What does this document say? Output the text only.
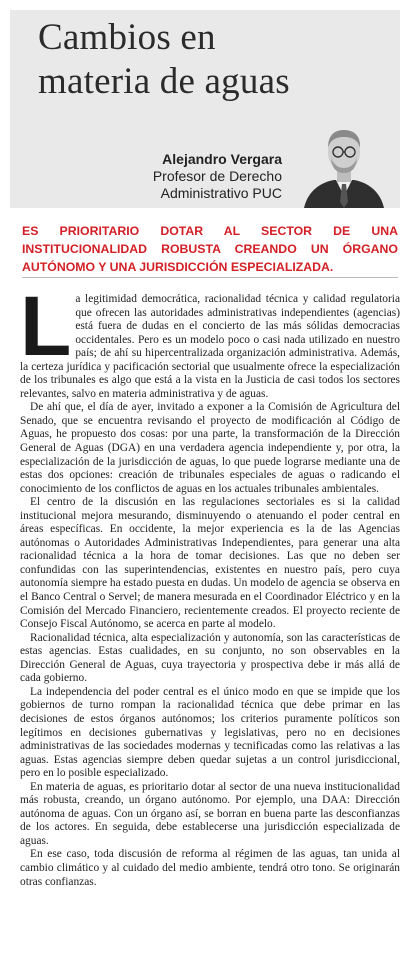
Cambios en
materia de aguas
Alejandro Vergara
Profesor de Derecho
Administrativo PUC
ES PRIORITARIO DOTAR AL SECTOR DE UNA INSTITUCIONALIDAD ROBUSTA CREANDO UN ÓRGANO AUTÓNOMO Y UNA JURISDICCIÓN ESPECIALIZADA.

La legitimidad democrática, racionalidad técnica y calidad regulatoria que ofrecen las autoridades administrativas independientes (agencias) está fuera de dudas en el concierto de las más sólidas democracias occidentales. Pero es un modelo poco o casi nada utilizado en nuestro país; de ahí su hipercentralizada organización administrativa. Además, la certeza jurídica y pacificación sectorial que usualmente ofrece la especialización de los tribunales es algo que está a la vista en la Justicia de casi todos los sectores relevantes, salvo en materia administrativa y de aguas.

De ahí que, el día de ayer, invitado a exponer a la Comisión de Agricultura del Senado, que se encuentra revisando el proyecto de modificación al Código de Aguas, he propuesto dos cosas: por una parte, la transformación de la Dirección General de Aguas (DGA) en una verdadera agencia independiente y, por otra, la especialización de la jurisdicción de aguas, lo que puede lograrse mediante una de estas dos opciones: creación de tribunales especiales de aguas o radicando el conocimiento de los conflictos de aguas en los actuales tribunales ambientales.

El centro de la discusión en las regulaciones sectoriales es si la calidad institucional mejora mesurando, disminuyendo o atenuando el poder central en áreas específicas. En occidente, la mejor experiencia es la de las Agencias autónomas o Autoridades Administrativas Independientes, para generar una alta racionalidad técnica a la hora de tomar decisiones. Las que no deben ser confundidas con las superintendencias, existentes en nuestro país, pero cuya autonomía siempre ha estado puesta en dudas. Un modelo de agencia se observa en el Banco Central o Servel; de manera mesurada en el Coordinador Eléctrico y en la Comisión del Mercado Financiero, recientemente creados. El proyecto reciente de Consejo Fiscal Autónomo, se acerca en parte al modelo.

Racionalidad técnica, alta especialización y autonomía, son las características de estas agencias. Estas cualidades, en su conjunto, no son observables en la Dirección General de Aguas, cuya trayectoria y prospectiva debe ir más allá de cada gobierno.

La independencia del poder central es el único modo en que se impide que los gobiernos de turno rompan la racionalidad técnica que debe primar en las decisiones de estos órganos autónomos; los criterios puramente políticos son legítimos en decisiones gubernativas y legislativas, pero no en decisiones administrativas de las sociedades modernas y tecnificadas como las relativas a las aguas. Estas agencias siempre deben quedar sujetas a un control jurisdiccional, pero en lo posible especializado.

En materia de aguas, es prioritario dotar al sector de una nueva institucionalidad más robusta, creando, un órgano autónomo. Por ejemplo, una DAA: Dirección autónoma de aguas. Con un órgano así, se borran en buena parte las desconfianzas de los actores. En seguida, debe establecerse una jurisdicción especializada de aguas.

En ese caso, toda discusión de reforma al régimen de las aguas, tan unida al cambio climático y al cuidado del medio ambiente, tendrá otro tono. Se originarán otras confianzas.
